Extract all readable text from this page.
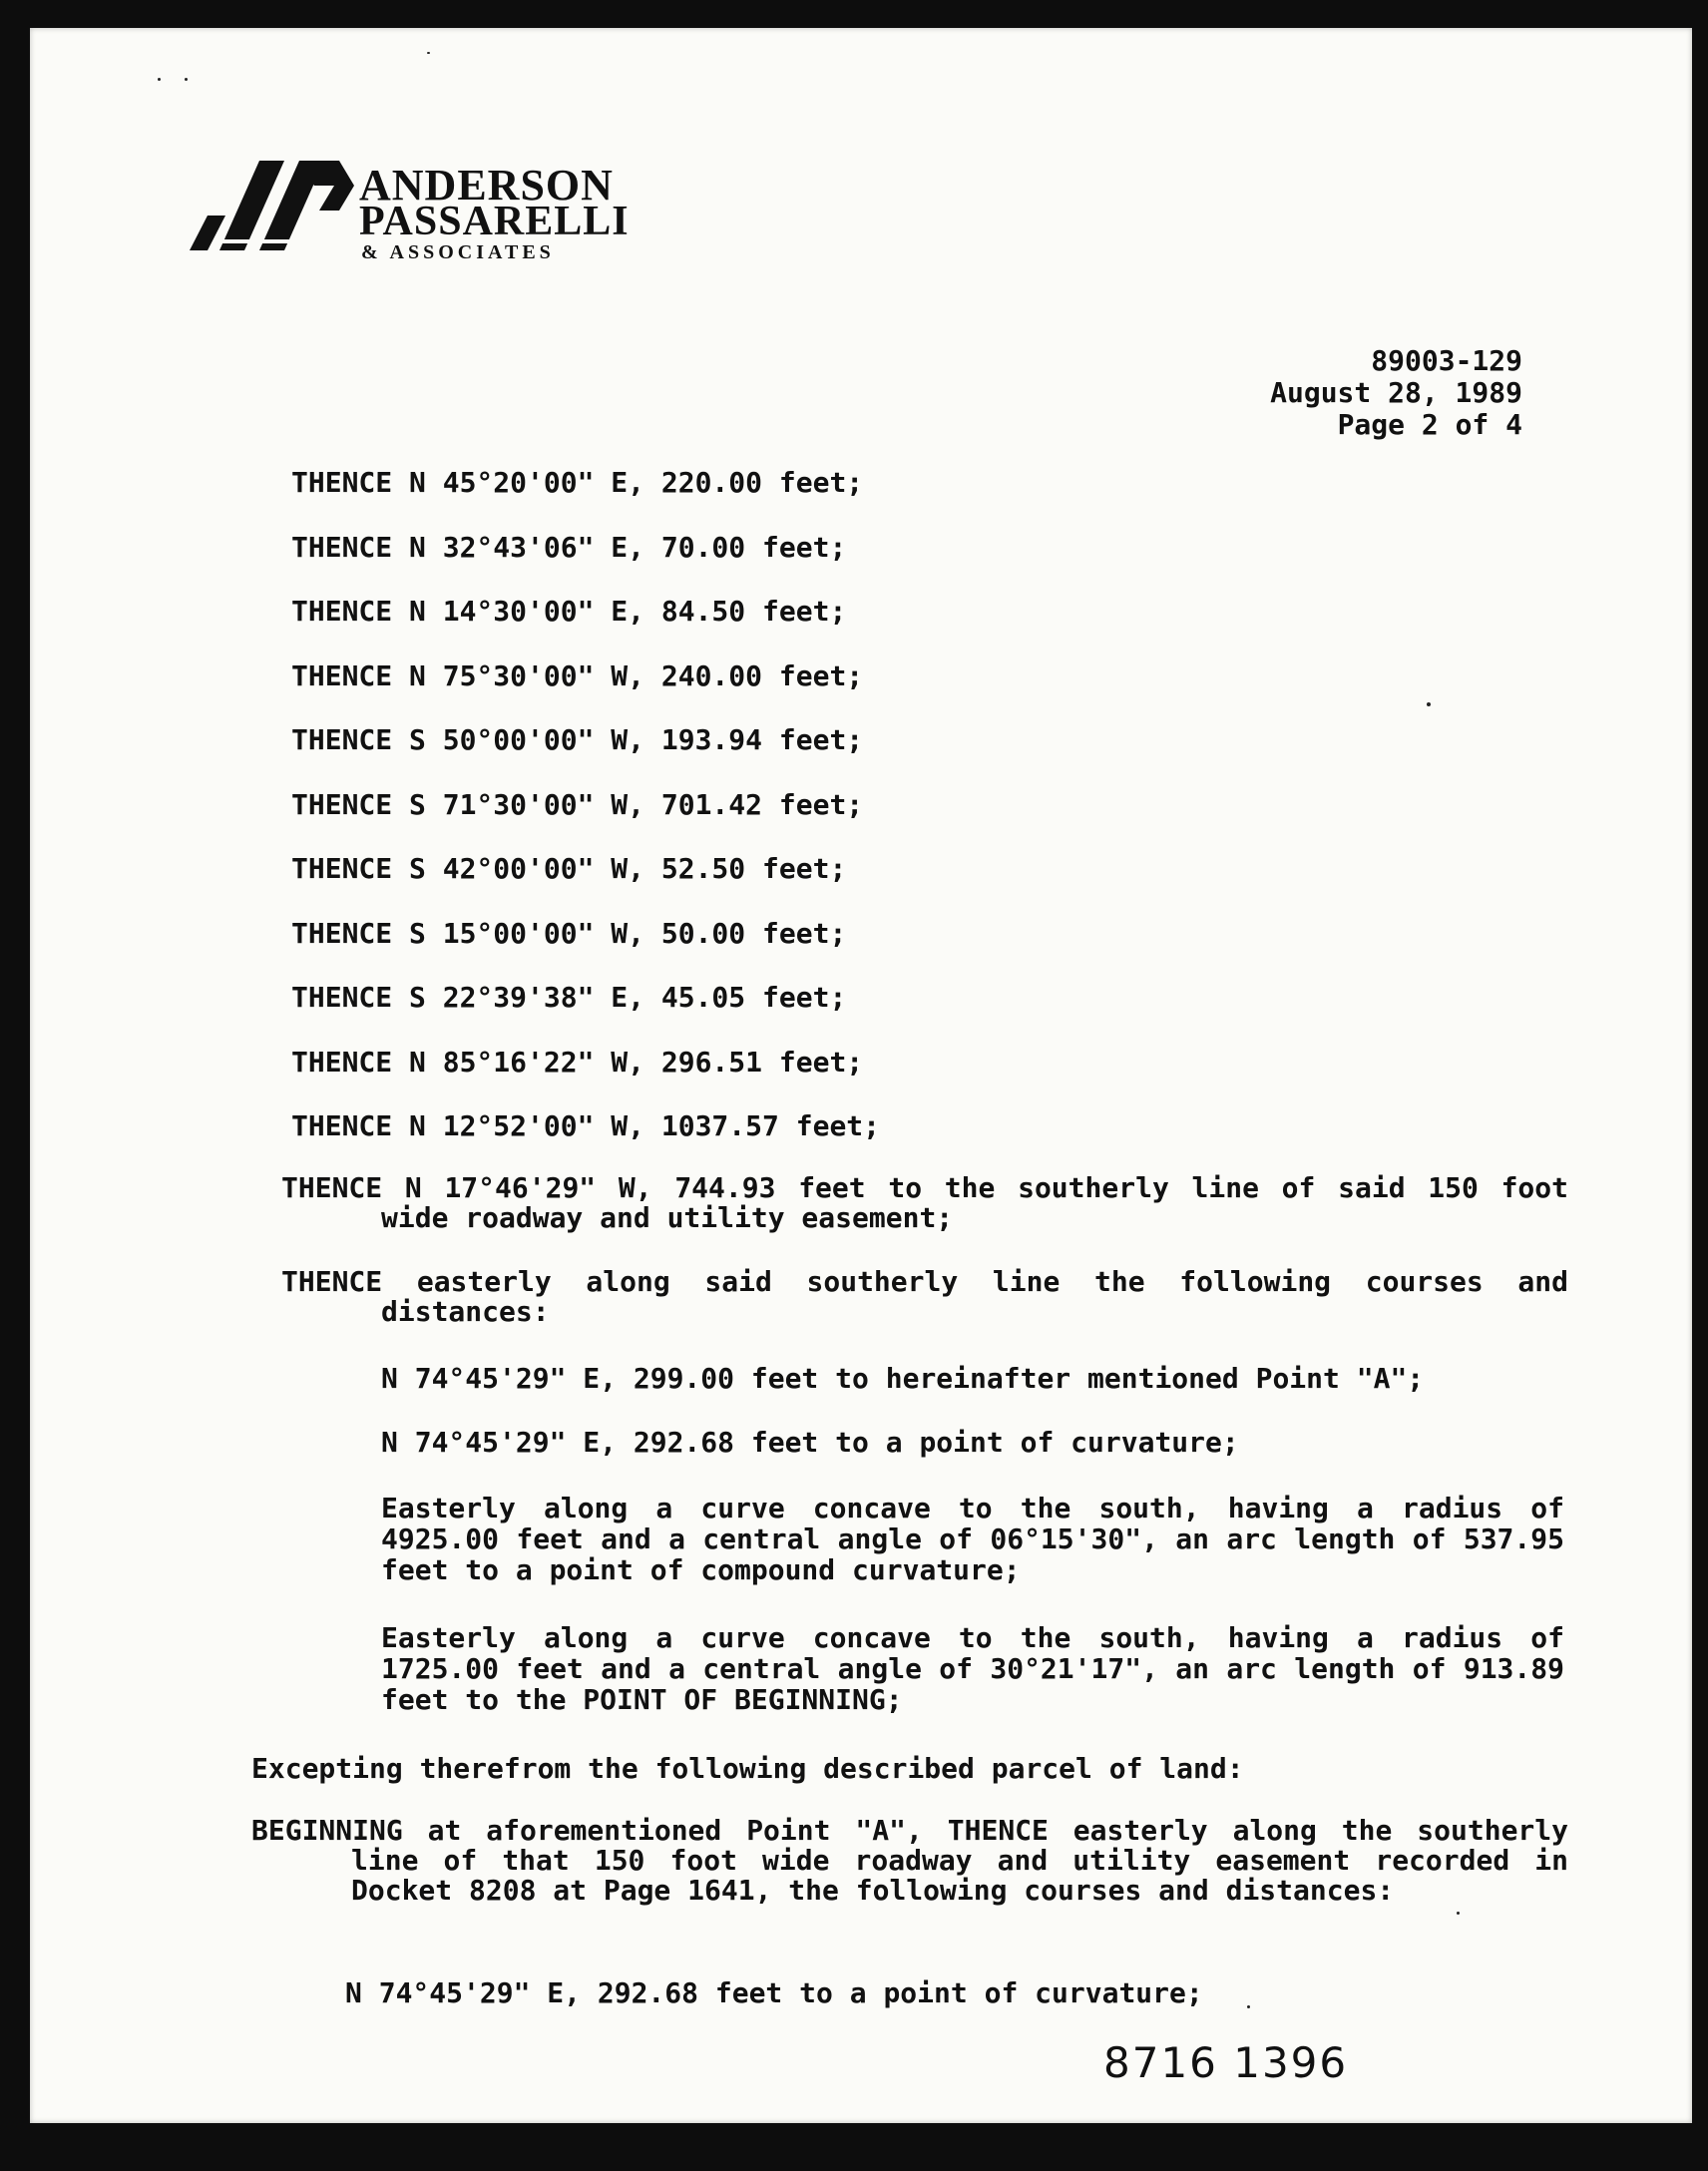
ANDERSON
PASSARELLI
& ASSOCIATES
89003-129
August 28, 1989
Page 2 of 4
THENCE N 45°20'00" E, 220.00 feet;
THENCE N 32°43'06" E, 70.00 feet;
THENCE N 14°30'00" E, 84.50 feet;
THENCE N 75°30'00" W, 240.00 feet;
THENCE S 50°00'00" W, 193.94 feet;
THENCE S 71°30'00" W, 701.42 feet;
THENCE S 42°00'00" W, 52.50 feet;
THENCE S 15°00'00" W, 50.00 feet;
THENCE S 22°39'38" E, 45.05 feet;
THENCE N 85°16'22" W, 296.51 feet;
THENCE N 12°52'00" W, 1037.57 feet;
THENCE N 17°46'29" W, 744.93 feet to the southerly line of said 150 foot wide roadway and utility easement;
THENCE easterly along said southerly line the following courses and distances:
N 74°45'29" E, 299.00 feet to hereinafter mentioned Point "A";
N 74°45'29" E, 292.68 feet to a point of curvature;
Easterly along a curve concave to the south, having a radius of 4925.00 feet and a central angle of 06°15'30", an arc length of 537.95 feet to a point of compound curvature;
Easterly along a curve concave to the south, having a radius of 1725.00 feet and a central angle of 30°21'17", an arc length of 913.89 feet to the POINT OF BEGINNING;
Excepting therefrom the following described parcel of land:
BEGINNING at aforementioned Point "A", THENCE easterly along the southerly line of that 150 foot wide roadway and utility easement recorded in Docket 8208 at Page 1641, the following courses and distances:
N 74°45'29" E, 292.68 feet to a point of curvature;
8716 1396
